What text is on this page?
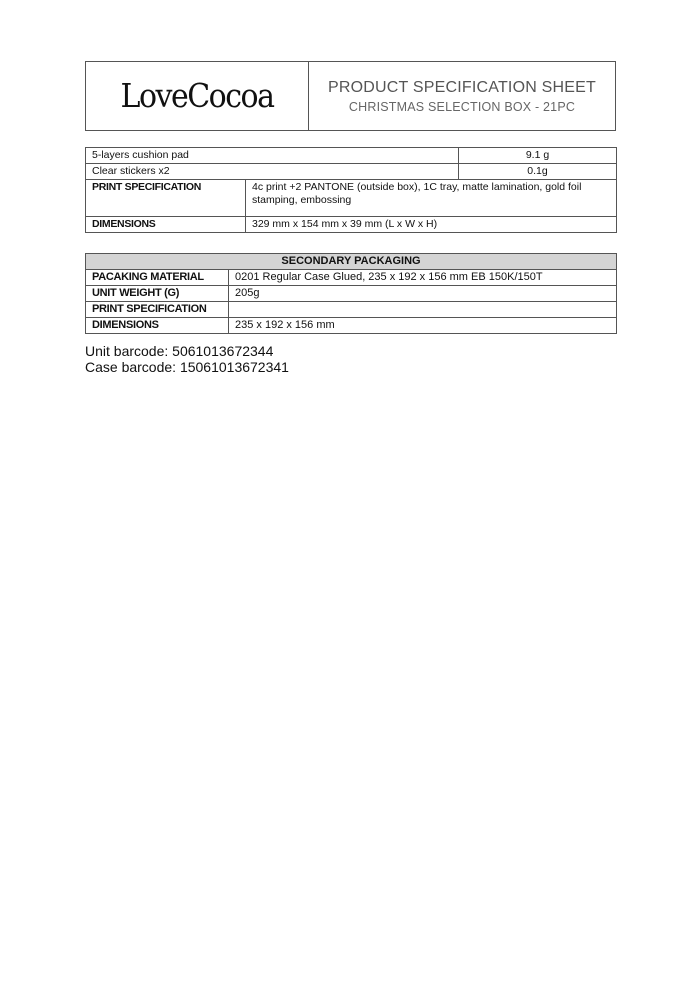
LoveCocoa	PRODUCT SPECIFICATION SHEET
CHRISTMAS SELECTION BOX - 21PC
5-layers cushion pad		9.1 g
Clear stickers x2		0.1g
PRINT SPECIFICATION	4c print +2 PANTONE (outside box), 1C tray, matte lamination, gold foil stamping, embossing	
DIMENSIONS	329 mm x 154 mm x 39 mm (L x W x H)	
SECONDARY PACKAGING	
PACAKING MATERIAL	0201 Regular Case Glued, 235 x 192 x 156 mm EB 150K/150T
UNIT WEIGHT (G)	205g
PRINT SPECIFICATION	
DIMENSIONS	235 x 192 x 156 mm
Unit barcode: 5061013672344
Case barcode: 15061013672341
